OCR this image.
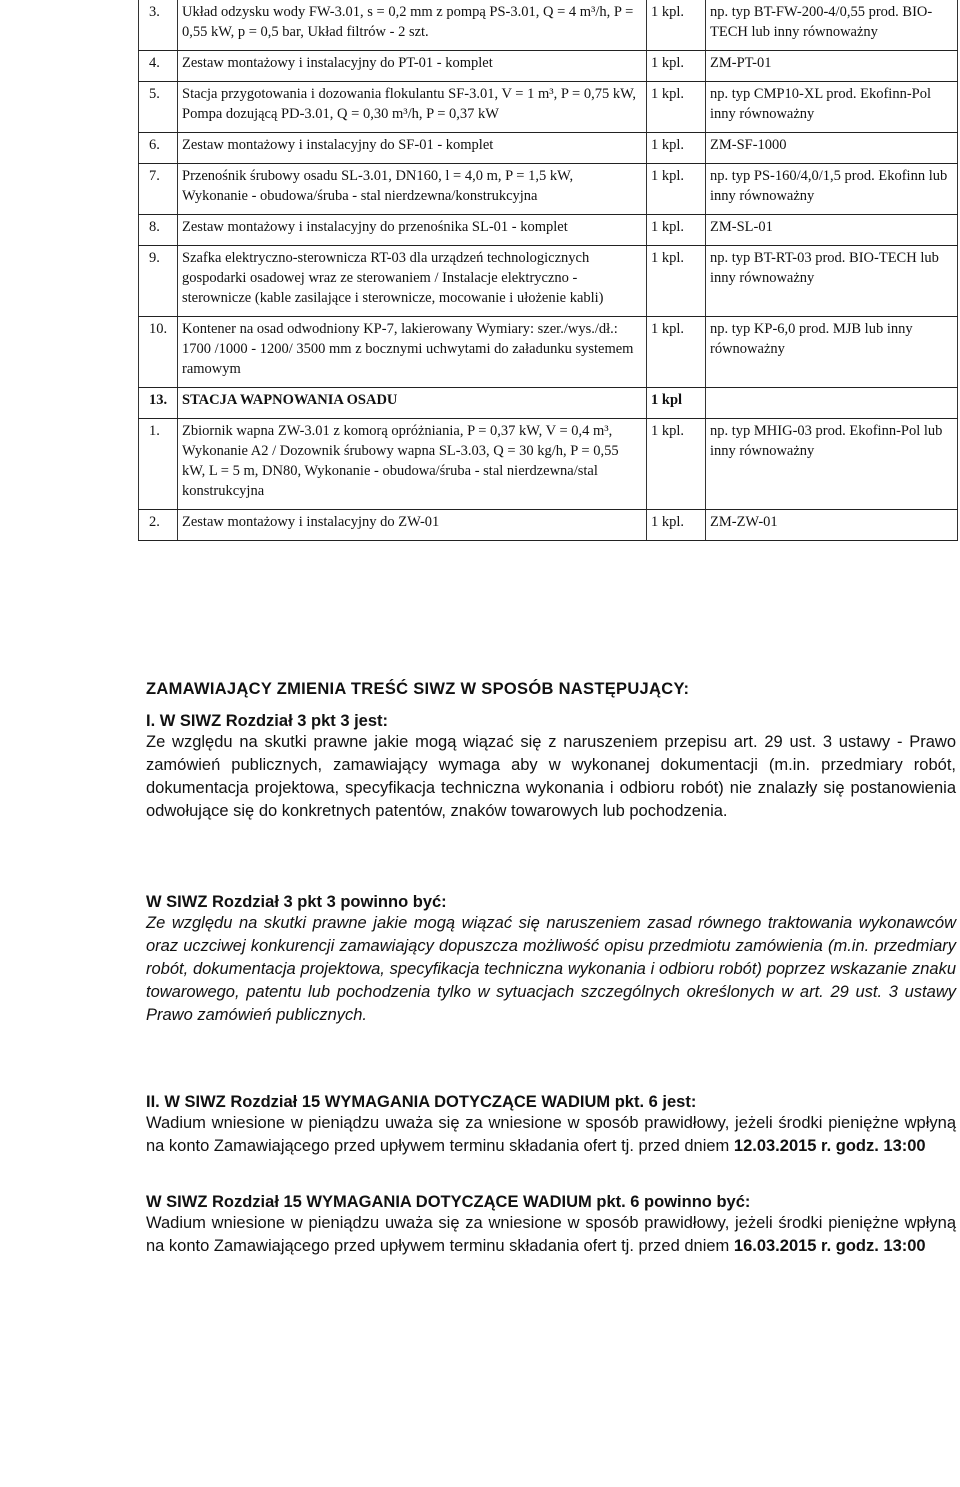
3.	Układ odzysku wody FW-3.01, s = 0,2 mm z pompą PS-3.01, Q = 4 m³/h, P = 0,55 kW, p = 0,5 bar, Układ filtrów - 2 szt.	1 kpl.	np. typ BT-FW-200-4/0,55 prod. BIO-TECH lub inny równoważny
4.	Zestaw montażowy i instalacyjny do PT-01 - komplet	1 kpl.	ZM-PT-01
5.	Stacja przygotowania i dozowania flokulantu SF-3.01, V = 1 m³, P = 0,75 kW, Pompa dozującą PD-3.01, Q = 0,30 m³/h, P = 0,37 kW	1 kpl.	np. typ CMP10-XL prod. Ekofinn-Pol inny równoważny
6.	Zestaw montażowy i instalacyjny do SF-01 - komplet	1 kpl.	ZM-SF-1000
7.	Przenośnik śrubowy osadu SL-3.01, DN160, l = 4,0 m, P = 1,5 kW, Wykonanie - obudowa/śruba - stal nierdzewna/konstrukcyjna	1 kpl.	np. typ PS-160/4,0/1,5 prod. Ekofinn lub inny równoważny
8.	Zestaw montażowy i instalacyjny do przenośnika SL-01 - komplet	1 kpl.	ZM-SL-01
9.	Szafka elektryczno-sterownicza RT-03 dla urządzeń technologicznych gospodarki osadowej wraz ze sterowaniem / Instalacje elektryczno - sterownicze (kable zasilające i sterownicze, mocowanie i ułożenie kabli)	1 kpl.	np. typ BT-RT-03 prod. BIO-TECH lub inny równoważny
10.	Kontener na osad odwodniony KP-7, lakierowany Wymiary: szer./wys./dł.: 1700 /1000 - 1200/ 3500 mm z bocznymi uchwytami do załadunku systemem ramowym	1 kpl.	np. typ KP-6,0 prod. MJB lub inny równoważny
13.	STACJA WAPNOWANIA OSADU	1 kpl	
1.	Zbiornik wapna ZW-3.01 z komorą opróżniania, P = 0,37 kW, V = 0,4 m³, Wykonanie A2 / Dozownik śrubowy wapna SL-3.03, Q = 30 kg/h, P = 0,55 kW, L = 5 m, DN80, Wykonanie - obudowa/śruba - stal nierdzewna/stal konstrukcyjna	1 kpl.	np. typ MHIG-03 prod. Ekofinn-Pol lub inny równoważny
2.	Zestaw montażowy i instalacyjny do ZW-01	1 kpl.	ZM-ZW-01
ZAMAWIAJĄCY ZMIENIA TREŚĆ SIWZ W SPOSÓB NASTĘPUJĄCY:

I. W SIWZ Rozdział 3 pkt 3 jest:

Ze względu na skutki prawne jakie mogą wiązać się z naruszeniem przepisu art. 29 ust. 3 ustawy - Prawo zamówień publicznych, zamawiający wymaga aby w wykonanej dokumentacji (m.in. przedmiary robót, dokumentacja projektowa, specyfikacja techniczna wykonania i odbioru robót) nie znalazły się postanowienia odwołujące się do konkretnych patentów, znaków towarowych lub pochodzenia.

W SIWZ Rozdział 3 pkt 3 powinno być:

Ze względu na skutki prawne jakie mogą wiązać się naruszeniem zasad równego traktowania wykonawców oraz uczciwej konkurencji zamawiający dopuszcza możliwość opisu przedmiotu zamówienia (m.in. przedmiary robót, dokumentacja projektowa, specyfikacja techniczna wykonania i odbioru robót) poprzez wskazanie znaku towarowego, patentu lub pochodzenia tylko w sytuacjach szczególnych określonych w art. 29 ust. 3 ustawy Prawo zamówień publicznych.

II. W SIWZ Rozdział 15 WYMAGANIA DOTYCZĄCE WADIUM pkt. 6 jest:

Wadium wniesione w pieniądzu uważa się za wniesione w sposób prawidłowy, jeżeli środki pieniężne wpłyną na konto Zamawiającego przed upływem terminu składania ofert tj. przed dniem 12.03.2015 r. godz. 13:00

W SIWZ Rozdział 15 WYMAGANIA DOTYCZĄCE WADIUM pkt. 6 powinno być:

Wadium wniesione w pieniądzu uważa się za wniesione w sposób prawidłowy, jeżeli środki pieniężne wpłyną na konto Zamawiającego przed upływem terminu składania ofert tj. przed dniem 16.03.2015 r. godz. 13:00
